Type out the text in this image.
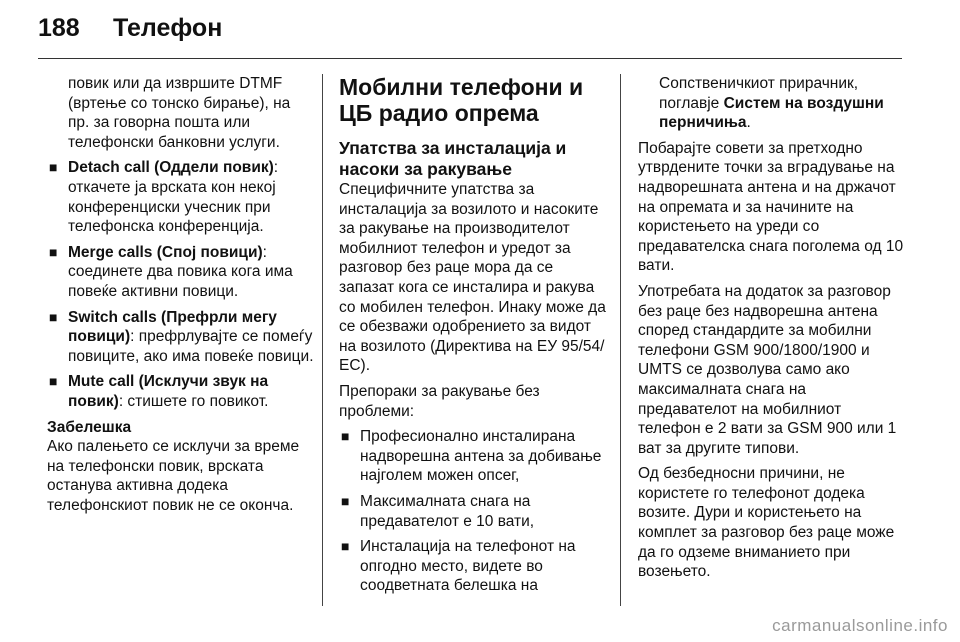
188 Телефон

повик или да извршите DTMF (вртење со тонско бирање), на пр. за говорна пошта или телефонски банковни услуги.

■ Detach call (Оддели повик): откачете ја врската кон некој конференциски учесник при телефонска конференција.
■ Merge calls (Спој повици): соединете два повика кога има повеќе активни повици.
■ Switch calls (Префрли мегу повици): префрлувајте се помеѓу повиците, ако има повеќе повици.
■ Mute call (Исклучи звук на повик): стишете го повикот.
Забелешка

Ако палењето се исклучи за време на телефонски повик, врската останува активна додека телефонскиот повик не се оконча.

Мобилни телефони и ЦБ радио опрема
Упатства за инсталација и насоки за ракување

Специфичните упатства за инсталација за возилото и насоките за ракување на производителот мобилниот телефон и уредот за разговор без раце мора да се запазат кога се инсталира и ракува со мобилен телефон. Инаку може да се обезважи одобрението за видот на возилото (Директива на ЕУ 95/54/ ЕС).

Препораки за ракување без проблеми:

■ Професионално инсталирана надворешна антена за добивање најголем можен опсег,
■ Максималната снага на предавателот е 10 вати,
■ Инсталација на телефонот на опгодно место, видете во соодветната белешка на

Сопственичкиот прирачник, поглавје Систем на воздушни перничиња.

Побарајте совети за претходно утврдените точки за вградување на надворешната антена и на држачот на опремата и за начините на користењето на уреди со предавателска снага поголема од 10 вати.

Употребата на додаток за разговор без раце без надворешна антена според стандардите за мобилни телефони GSM 900/1800/1900 и UMTS се дозволува само ако максималната снага на предавателот на мобилниот телефон е 2 вати за GSM 900 или 1 ват за другите типови.

Од безбедносни причини, не користете го телефонот додека возите. Дури и користењето на комплет за разговор без раце може да го одземе вниманието при возењето.

carmanualsonline.info
